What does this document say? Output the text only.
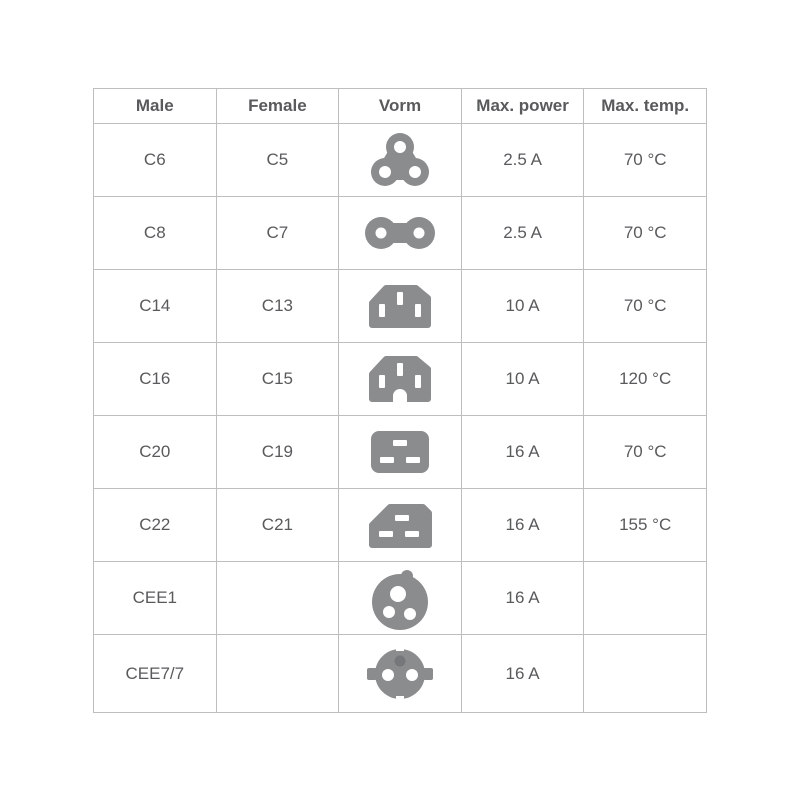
Male	Female	Vorm	Max. power	Max. temp.
C6	C5		2.5 A	70 °C
C8	C7		2.5 A	70 °C
C14	C13		10 A	70 °C
C16	C15		10 A	120 °C
C20	C19		16 A	70 °C
C22	C21		16 A	155 °C
CEE1			16 A	
CEE7/7			16 A	
